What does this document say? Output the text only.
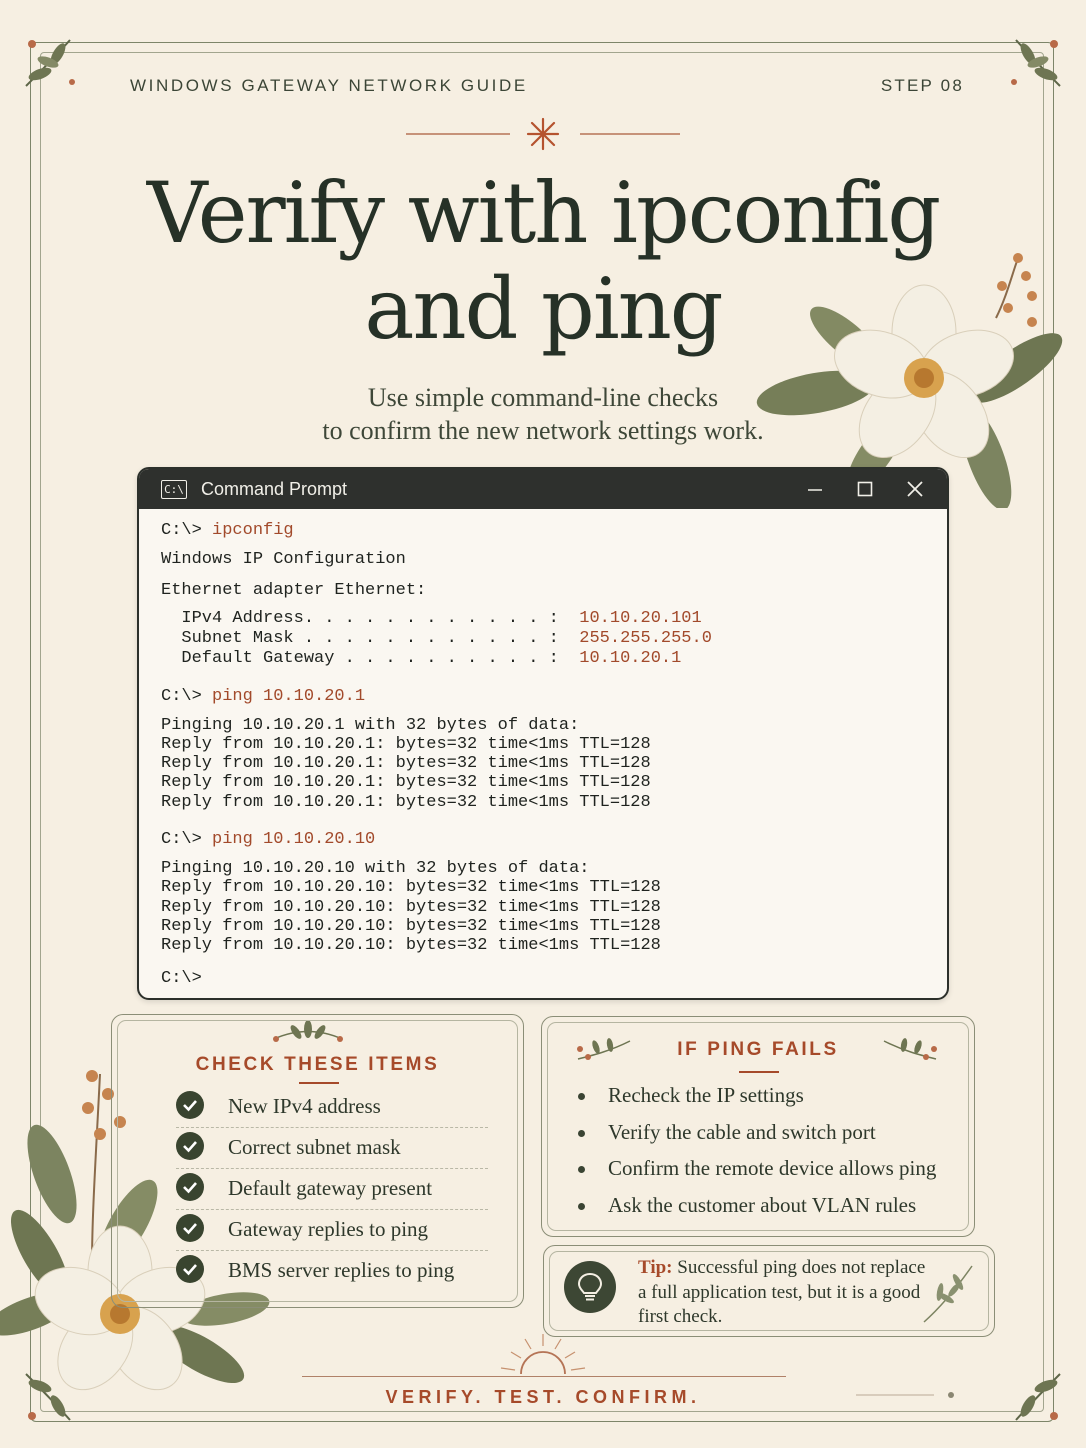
WINDOWS GATEWAY NETWORK GUIDE	STEP 08
Verify with ipconfig
and ping
Use simple command-line checks
to confirm the new network settings work.
C:\ Command Prompt
C:\> ipconfig
Windows IP Configuration
Ethernet adapter Ethernet:
IPv4 Address. . . . . . . . . . . . :  10.10.20.101
Subnet Mask . . . . . . . . . . . . :  255.255.255.0
Default Gateway . . . . . . . . . . :  10.10.20.1
C:\> ping 10.10.20.1
Pinging 10.10.20.1 with 32 bytes of data:
Reply from 10.10.20.1: bytes=32 time<1ms TTL=128
Reply from 10.10.20.1: bytes=32 time<1ms TTL=128
Reply from 10.10.20.1: bytes=32 time<1ms TTL=128
Reply from 10.10.20.1: bytes=32 time<1ms TTL=128
C:\> ping 10.10.20.10
Pinging 10.10.20.10 with 32 bytes of data:
Reply from 10.10.20.10: bytes=32 time<1ms TTL=128
Reply from 10.10.20.10: bytes=32 time<1ms TTL=128
Reply from 10.10.20.10: bytes=32 time<1ms TTL=128
Reply from 10.10.20.10: bytes=32 time<1ms TTL=128
C:\>
CHECK THESE ITEMS
New IPv4 address
Correct subnet mask
Default gateway present
Gateway replies to ping
BMS server replies to ping
IF PING FAILS
Recheck the IP settings
Verify the cable and switch port
Confirm the remote device allows ping
Ask the customer about VLAN rules
Tip: Successful ping does not replace a full application test, but it is a good first check.
VERIFY. TEST. CONFIRM.
